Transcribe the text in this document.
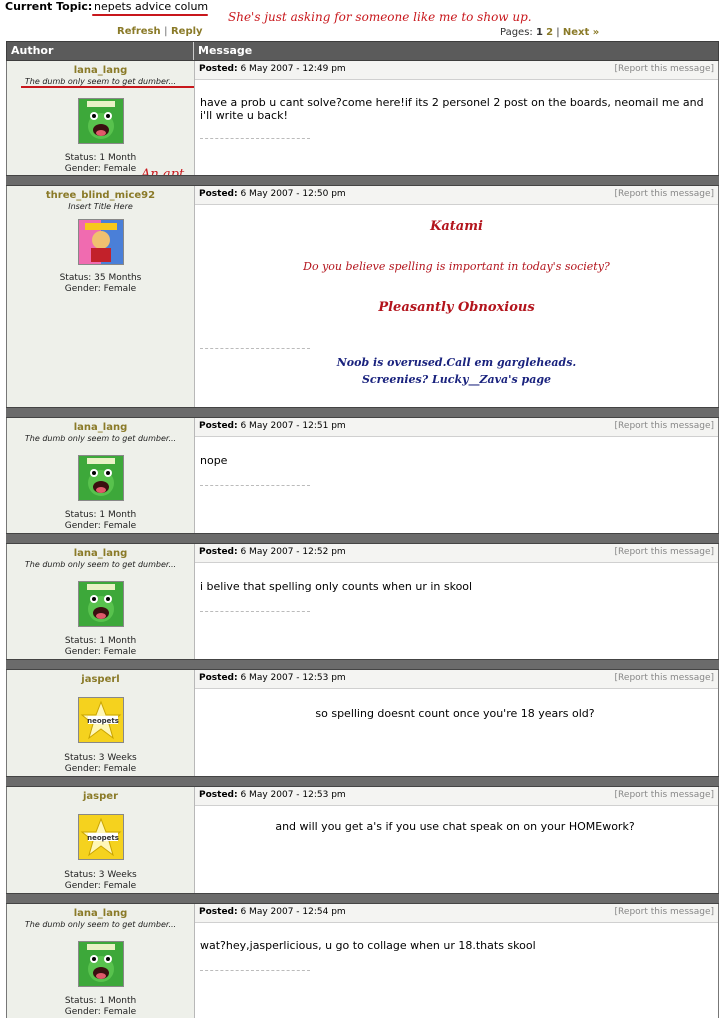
Current Topic: nepets advice colum
She's just asking for someone like me to show up.
Refresh | Reply	Pages: 1 2 | Next »
Author	Message
lana_lang
The dumb only seem to get dumber...
Status: 1 Month
Gender: Female
Posted: 6 May 2007 - 12:49 pm	[Report this message]
have a prob u cant solve?come here!if its 2 personel 2 post on the boards, neomail me and i'll write u back!
three_blind_mice92
Insert Title Here
Status: 35 Months
Gender: Female
Posted: 6 May 2007 - 12:50 pm	[Report this message]
Katami
Do you believe spelling is important in today's society?
Pleasantly Obnoxious
Noob is overused.Call em gargleheads.
Screenies? Lucky__Zava's page
lana_lang
The dumb only seem to get dumber...
Status: 1 Month
Gender: Female
Posted: 6 May 2007 - 12:51 pm	[Report this message]
nope
lana_lang
The dumb only seem to get dumber...
Status: 1 Month
Gender: Female
Posted: 6 May 2007 - 12:52 pm	[Report this message]
i belive that spelling only counts when ur in skool
jasperl
neopets
Status: 3 Weeks
Gender: Female
Posted: 6 May 2007 - 12:53 pm	[Report this message]
so spelling doesnt count once you're 18 years old?
jasper
neopets
Status: 3 Weeks
Gender: Female
Posted: 6 May 2007 - 12:53 pm	[Report this message]
and will you get a's if you use chat speak on on your HOMEwork?
lana_lang
The dumb only seem to get dumber...
Status: 1 Month
Gender: Female
Posted: 6 May 2007 - 12:54 pm	[Report this message]
wat?hey,jasperlicious, u go to collage when ur 18.thats skool
